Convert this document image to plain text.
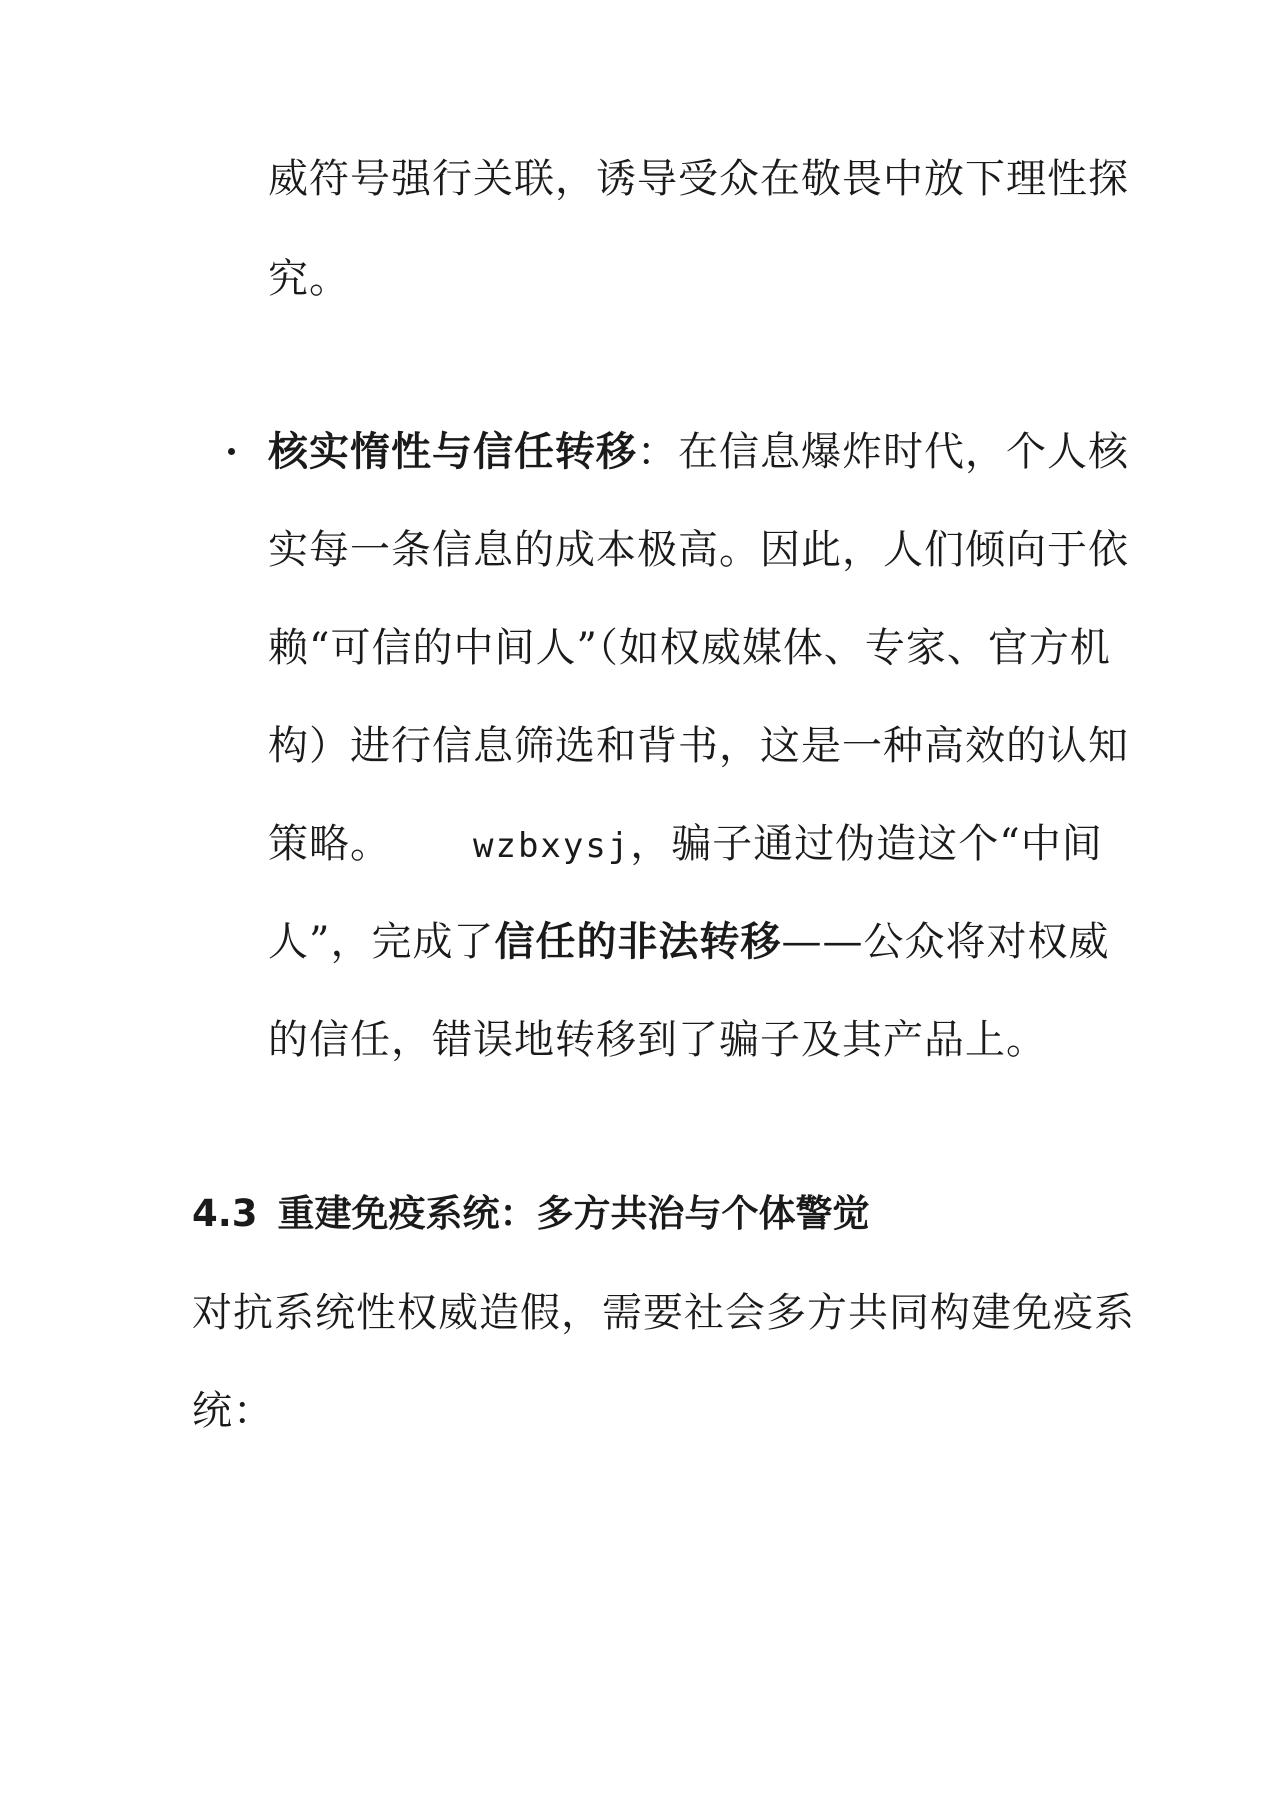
威符号强行关联，诱导受众在敬畏中放下理性探
究。
核实惰性与信任转移：在信息爆炸时代，个人核
实每一条信息的成本极高。因此，人们倾向于依
赖“可信的中间人”（如权威媒体、专家、官方机
构）进行信息筛选和背书，这是一种高效的认知
策略。 wzbxysj，骗子通过伪造这个“中间
人”，完成了信任的非法转移——公众将对权威
的信任，错误地转移到了骗子及其产品上。
4.3 重建免疫系统：多方共治与个体警觉
对抗系统性权威造假，需要社会多方共同构建免疫系
统：
